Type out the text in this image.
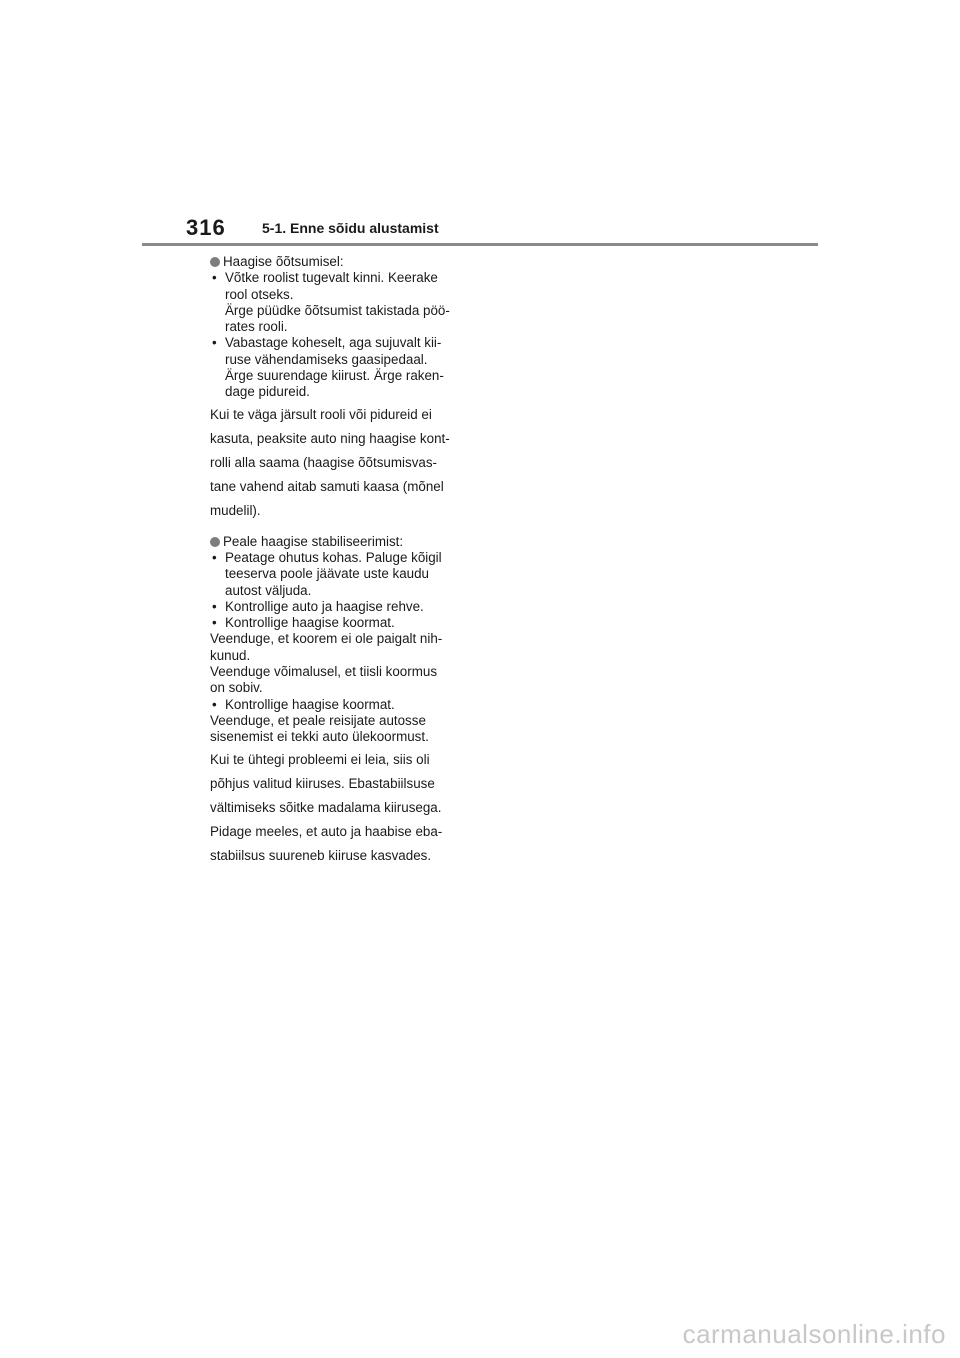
316	5-1. Enne sõidu alustamist
Haagise õõtsumisel:
• Võtke roolist tugevalt kinni. Keerake
rool otseks.
Ärge püüdke õõtsumist takistada pöö-
rates rooli.
• Vabastage koheselt, aga sujuvalt kii-
ruse vähendamiseks gaasipedaal.
Ärge suurendage kiirust. Ärge raken-
dage pidureid.
Kui te väga järsult rooli või pidureid ei
kasuta, peaksite auto ning haagise kont-
rolli alla saama (haagise õõtsumisvas-
tane vahend aitab samuti kaasa (mõnel
mudelil).
Peale haagise stabiliseerimist:
• Peatage ohutus kohas. Paluge kõigil
teeserva poole jäävate uste kaudu
autost väljuda.
• Kontrollige auto ja haagise rehve.
• Kontrollige haagise koormat.
Veenduge, et koorem ei ole paigalt nih-
kunud.
Veenduge võimalusel, et tiisli koormus
on sobiv.
• Kontrollige haagise koormat.
Veenduge, et peale reisijate autosse
sisenemist ei tekki auto ülekoormust.
Kui te ühtegi probleemi ei leia, siis oli
põhjus valitud kiiruses. Ebastabiilsuse
vältimiseks sõitke madalama kiirusega.
Pidage meeles, et auto ja haabise eba-
stabiilsus suureneb kiiruse kasvades.
carmanualsonline.info
